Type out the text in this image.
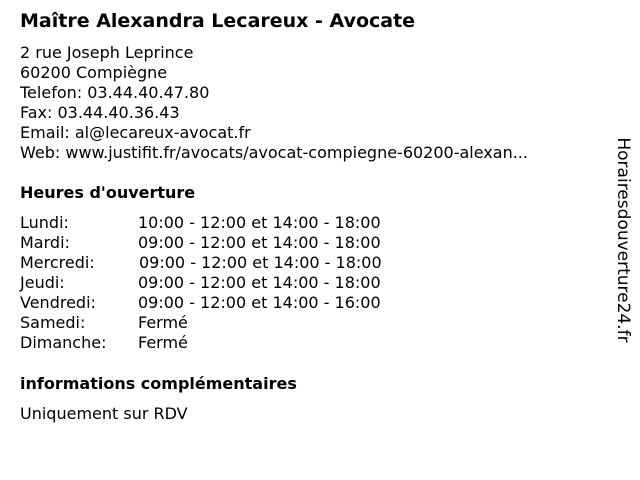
Maître Alexandra Lecareux - Avocate
2 rue Joseph Leprince
60200 Compiègne
Telefon: 03.44.40.47.80
Fax: 03.44.40.36.43
Email: al@lecareux-avocat.fr
Web: www.justifit.fr/avocats/avocat-compiegne-60200-alexan...
Heures d'ouverture
Lundi:	10:00 - 12:00 et 14:00 - 18:00
Mardi:	09:00 - 12:00 et 14:00 - 18:00
Mercredi:	09:00 - 12:00 et 14:00 - 18:00
Jeudi:	09:00 - 12:00 et 14:00 - 18:00
Vendredi:	09:00 - 12:00 et 14:00 - 16:00
Samedi:	Fermé
Dimanche: Fermé
informations complémentaires
Uniquement sur RDV
Horairesdouverture24.fr
